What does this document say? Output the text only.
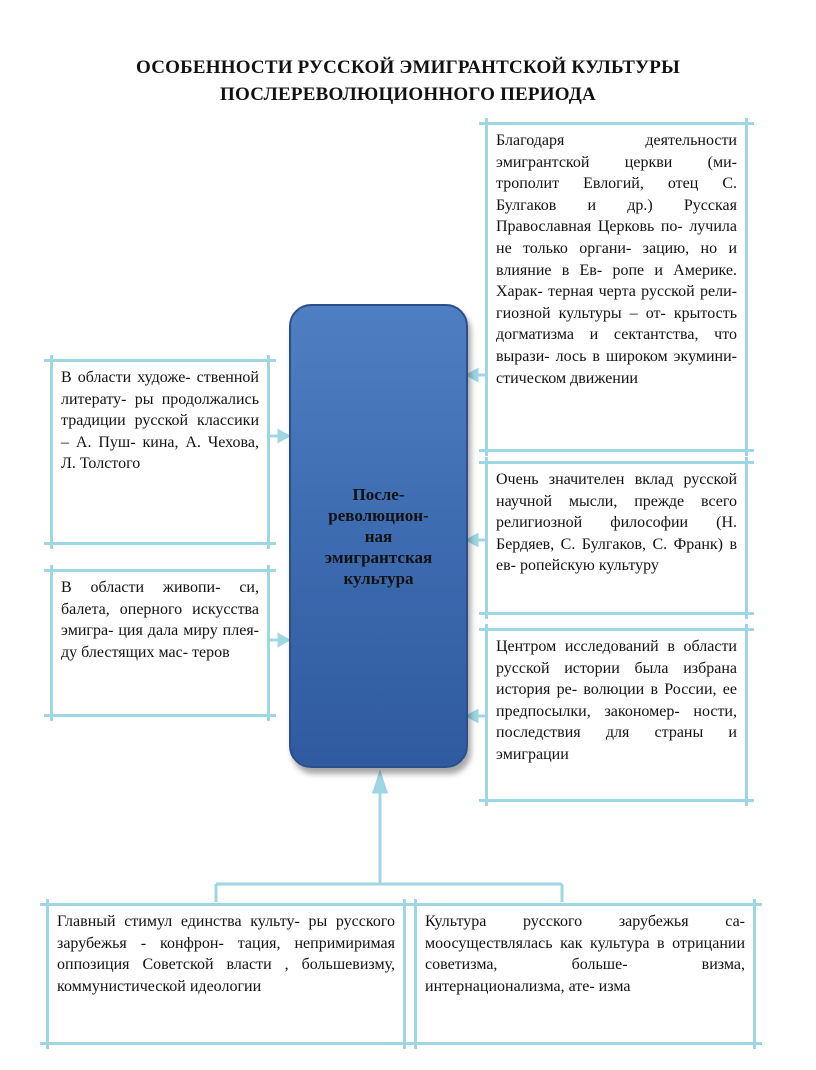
ОСОБЕННОСТИ РУССКОЙ ЭМИГРАНТСКОЙ КУЛЬТУРЫ
ПОСЛЕРЕВОЛЮЦИОННОГО ПЕРИОДА
После-
революцион-
ная
эмигрантская
культура
В области художе- ственной литерату- ры продолжались традиции русской классики – А. Пуш- кина, А. Чехова, Л. Толстого
В области живопи- си, балета, оперного искусства эмигра- ция дала миру плея- ду блестящих мас- теров
Благодаря деятельности эмигрантской церкви (ми- трополит Евлогий, отец С. Булгаков и др.) Русская Православная Церковь по- лучила не только органи- зацию, но и влияние в Ев- ропе и Америке. Харак- терная черта русской рели- гиозной культуры – от- крытость догматизма и сектантства, что вырази- лось в широком экумини- стическом движении
Очень значителен вклад русской научной мысли, прежде всего религиозной философии (Н. Бердяев, С. Булгаков, С. Франк) в ев- ропейскую культуру
Центром исследований в области русской истории была избрана история ре- волюции в России, ее предпосылки, закономер- ности, последствия для страны и эмиграции
Главный стимул единства культу- ры русского зарубежья - конфрон- тация, непримиримая оппозиция Советской власти , большевизму, коммунистической идеологии
Культура русского зарубежья са- моосуществлялась как культура в отрицании советизма, больше- визма, интернационализма, ате- изма
